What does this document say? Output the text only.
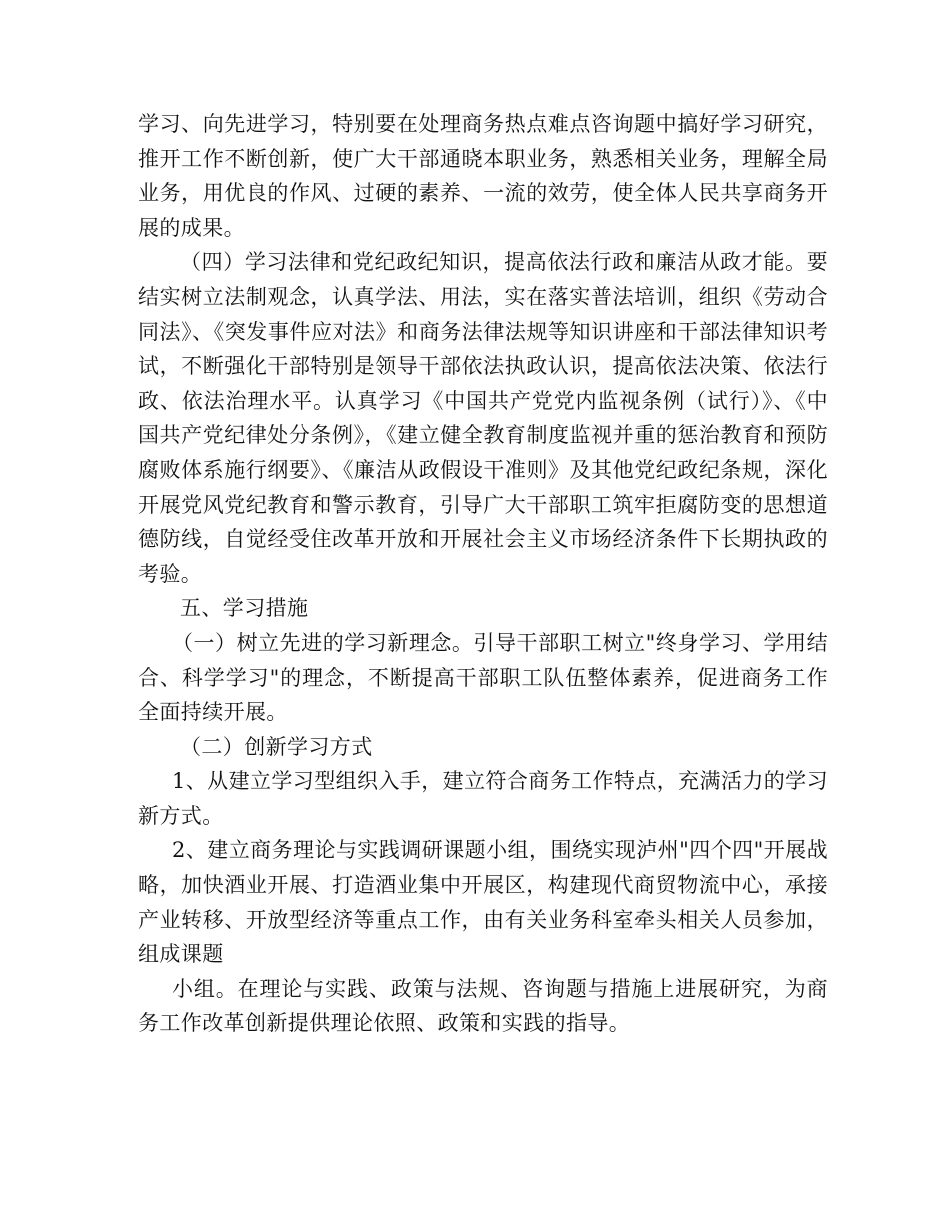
学习、向先进学习，特别要在处理商务热点难点咨询题中搞好学习研究，推开工作不断创新，使广大干部通晓本职业务，熟悉相关业务，理解全局业务，用优良的作风、过硬的素养、一流的效劳，使全体人民共享商务开展的成果。

（四）学习法律和党纪政纪知识，提高依法行政和廉洁从政才能。要结实树立法制观念，认真学法、用法，实在落实普法培训，组织《劳动合同法》、《突发事件应对法》和商务法律法规等知识讲座和干部法律知识考试，不断强化干部特别是领导干部依法执政认识，提高依法决策、依法行政、依法治理水平。认真学习《中国共产党党内监视条例（试行）》、《中国共产党纪律处分条例》，《建立健全教育制度监视并重的惩治教育和预防腐败体系施行纲要》、《廉洁从政假设干准则》及其他党纪政纪条规，深化开展党风党纪教育和警示教育，引导广大干部职工筑牢拒腐防变的思想道德防线，自觉经受住改革开放和开展社会主义市场经济条件下长期执政的考验。

五、学习措施

（一）树立先进的学习新理念。引导干部职工树立"终身学习、学用结合、科学学习"的理念，不断提高干部职工队伍整体素养，促进商务工作全面持续开展。

（二）创新学习方式

1、从建立学习型组织入手，建立符合商务工作特点，充满活力的学习新方式。

2、建立商务理论与实践调研课题小组，围绕实现泸州"四个四"开展战略，加快酒业开展、打造酒业集中开展区，构建现代商贸物流中心，承接产业转移、开放型经济等重点工作，由有关业务科室牵头相关人员参加，组成课题

小组。在理论与实践、政策与法规、咨询题与措施上进展研究，为商务工作改革创新提供理论依照、政策和实践的指导。
